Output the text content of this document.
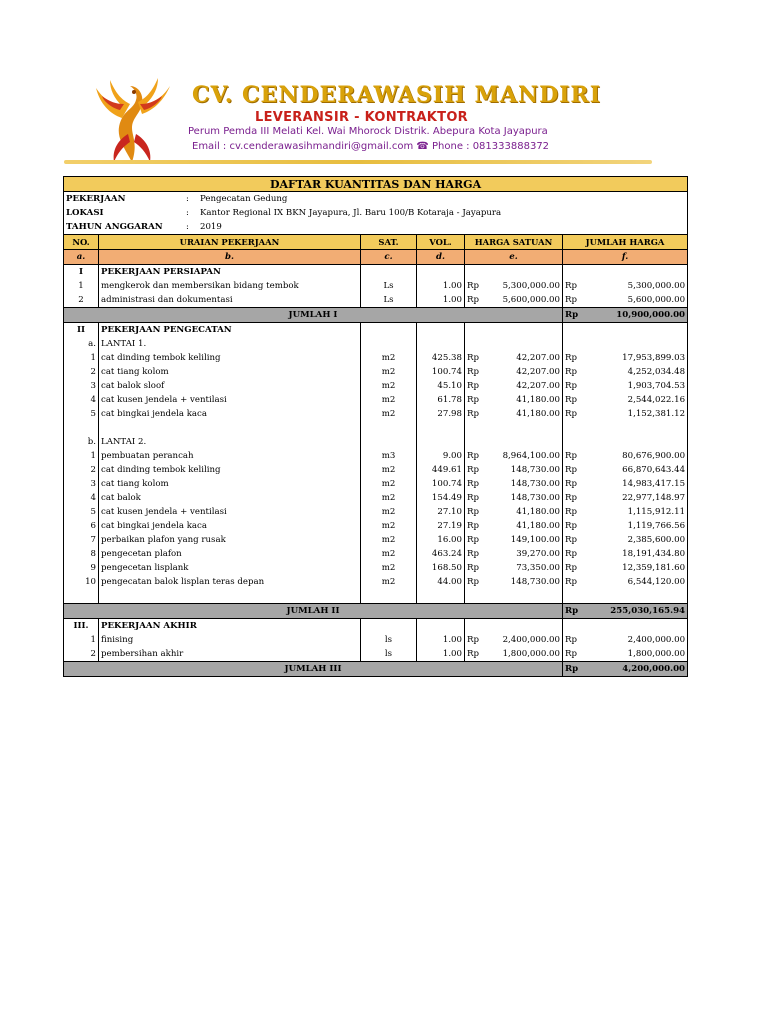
CV. CENDERAWASIH MANDIRI
LEVERANSIR - KONTRAKTOR
Perum Pemda III Melati Kel. Wai Mhorock Distrik. Abepura Kota Jayapura
Email : cv.cenderawasihmandiri@gmail.com ☎ Phone : 081333888372
DAFTAR KUANTITAS DAN HARGA							
PEKERJAAN : Pengecatan Gedung							
LOKASI : Kantor Regional IX BKN Jayapura, Jl. Baru 100/B Kotaraja - Jayapura							
TAHUN ANGGARAN : 2019							
NO.	URAIAN PEKERJAAN	SAT.	VOL.	HARGA SATUAN		JUMLAH HARGA	
a.	b.	c.	d.	e.		f.	
I	PEKERJAAN PERSIAPAN						
1	mengkerok dan membersikan bidang tembok	Ls	1.00	Rp	5,300,000.00	Rp	5,300,000.00
2	administrasi dan dokumentasi	Ls	1.00	Rp	5,600,000.00	Rp	5,600,000.00
JUMLAH I						Rp	10,900,000.00
II	PEKERJAAN PENGECATAN						
a.	LANTAI 1.						
1	cat dinding tembok keliling	m2	425.38	Rp	42,207.00	Rp	17,953,899.03
2	cat tiang kolom	m2	100.74	Rp	42,207.00	Rp	4,252,034.48
3	cat balok sloof	m2	45.10	Rp	42,207.00	Rp	1,903,704.53
4	cat kusen jendela + ventilasi	m2	61.78	Rp	41,180.00	Rp	2,544,022.16
5	cat bingkai jendela kaca	m2	27.98	Rp	41,180.00	Rp	1,152,381.12

b.	LANTAI 2.						
1	pembuatan perancah	m3	9.00	Rp	8,964,100.00	Rp	80,676,900.00
2	cat dinding tembok keliling	m2	449.61	Rp	148,730.00	Rp	66,870,643.44
3	cat tiang kolom	m2	100.74	Rp	148,730.00	Rp	14,983,417.15
4	cat balok	m2	154.49	Rp	148,730.00	Rp	22,977,148.97
5	cat kusen jendela + ventilasi	m2	27.10	Rp	41,180.00	Rp	1,115,912.11
6	cat bingkai jendela kaca	m2	27.19	Rp	41,180.00	Rp	1,119,766.56
7	perbaikan plafon yang rusak	m2	16.00	Rp	149,100.00	Rp	2,385,600.00
8	pengecetan plafon	m2	463.24	Rp	39,270.00	Rp	18,191,434.80
9	pengecetan lisplank	m2	168.50	Rp	73,350.00	Rp	12,359,181.60
10	pengecatan balok lisplan teras depan	m2	44.00	Rp	148,730.00	Rp	6,544,120.00

JUMLAH II						Rp	255,030,165.94
III.	PEKERJAAN AKHIR						
1	finising	ls	1.00	Rp	2,400,000.00	Rp	2,400,000.00
2	pembersihan akhir	ls	1.00	Rp	1,800,000.00	Rp	1,800,000.00
JUMLAH III						Rp	4,200,000.00
